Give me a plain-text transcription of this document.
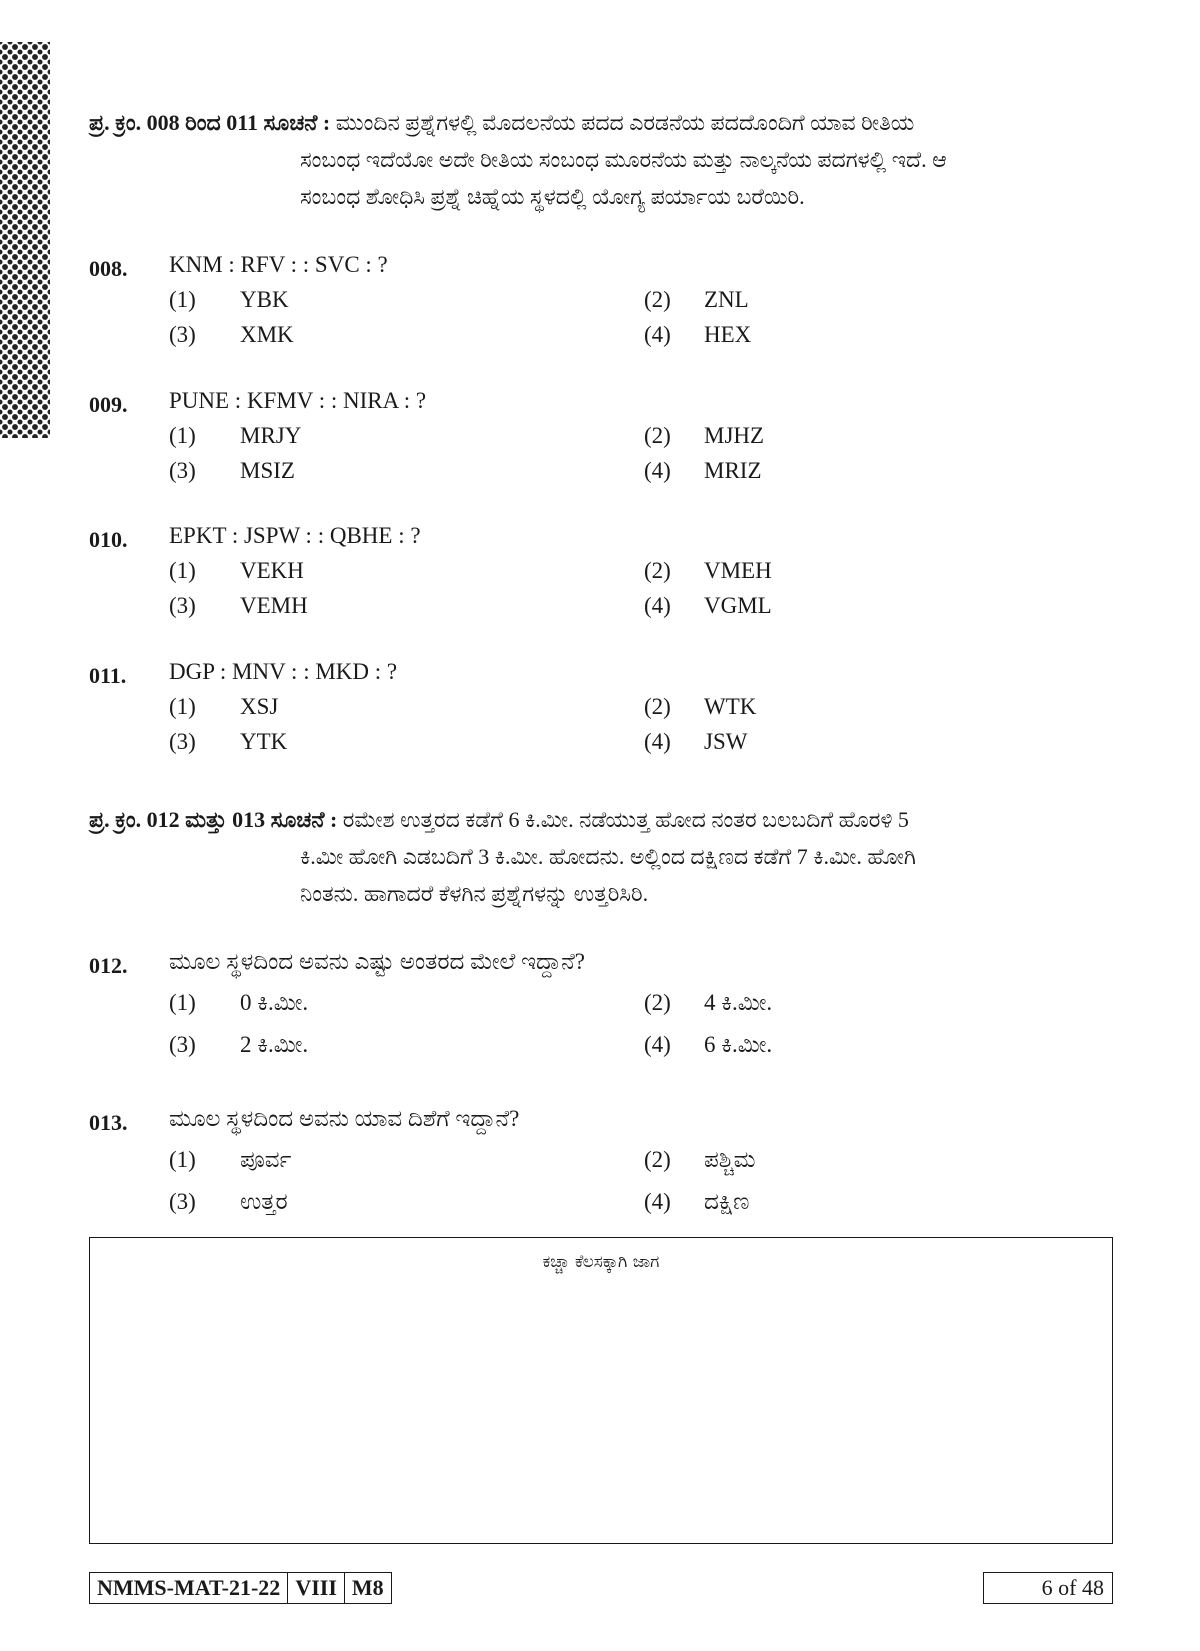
ಪ್ರ. ಕ್ರಂ. 008 ರಿಂದ 011 ಸೂಚನೆ : ಮುಂದಿನ ಪ್ರಶ್ನೆಗಳಲ್ಲಿ ಮೊದಲನೆಯ ಪದದ ಎರಡನೆಯ ಪದದೊಂದಿಗೆ ಯಾವ ರೀತಿಯ
ಸಂಬಂಧ ಇದೆಯೋ ಅದೇ ರೀತಿಯ ಸಂಬಂಧ ಮೂರನೆಯ ಮತ್ತು ನಾಲ್ಕನೆಯ ಪದಗಳಲ್ಲಿ ಇದೆ. ಆ
ಸಂಬಂಧ ಶೋಧಿಸಿ ಪ್ರಶ್ನೆ ಚಿಹ್ನೆಯ ಸ್ಥಳದಲ್ಲಿ ಯೋಗ್ಯ ಪರ್ಯಾಯ ಬರೆಯಿರಿ.
008. KNM : RFV : : SVC : ?
(1) YBK	(2) ZNL
(3) XMK	(4) HEX
009. PUNE : KFMV : : NIRA : ?
(1) MRJY	(2) MJHZ
(3) MSIZ	(4) MRIZ
010. EPKT : JSPW : : QBHE : ?
(1) VEKH	(2) VMEH
(3) VEMH	(4) VGML
011. DGP : MNV : : MKD : ?
(1) XSJ	(2) WTK
(3) YTK	(4) JSW
ಪ್ರ. ಕ್ರಂ. 012 ಮತ್ತು 013 ಸೂಚನೆ : ರಮೇಶ ಉತ್ತರದ ಕಡೆಗೆ 6 ಕಿ.ಮೀ. ನಡೆಯುತ್ತ ಹೋದ ನಂತರ ಬಲಬದಿಗೆ ಹೊರಳಿ 5
ಕಿ.ಮೀ ಹೋಗಿ ಎಡಬದಿಗೆ 3 ಕಿ.ಮೀ. ಹೋದನು. ಅಲ್ಲಿಂದ ದಕ್ಷಿಣದ ಕಡೆಗೆ 7 ಕಿ.ಮೀ. ಹೋಗಿ
ನಿಂತನು. ಹಾಗಾದರೆ ಕೆಳಗಿನ ಪ್ರಶ್ನೆಗಳನ್ನು ಉತ್ತರಿಸಿರಿ.
012. ಮೂಲ ಸ್ಥಳದಿಂದ ಅವನು ಎಷ್ಟು ಅಂತರದ ಮೇಲೆ ಇದ್ದಾನೆ?
(1) 0 ಕಿ.ಮೀ.	(2) 4 ಕಿ.ಮೀ.
(3) 2 ಕಿ.ಮೀ.	(4) 6 ಕಿ.ಮೀ.
013. ಮೂಲ ಸ್ಥಳದಿಂದ ಅವನು ಯಾವ ದಿಶೆಗೆ ಇದ್ದಾನೆ?
(1) ಪೂರ್ವ	(2) ಪಶ್ಚಿಮ
(3) ಉತ್ತರ	(4) ದಕ್ಷಿಣ
ಕಚ್ಚಾ ಕೆಲಸಕ್ಕಾಗಿ ಜಾಗ
NMMS-MAT-21-22 VIII M8	6 of 48
